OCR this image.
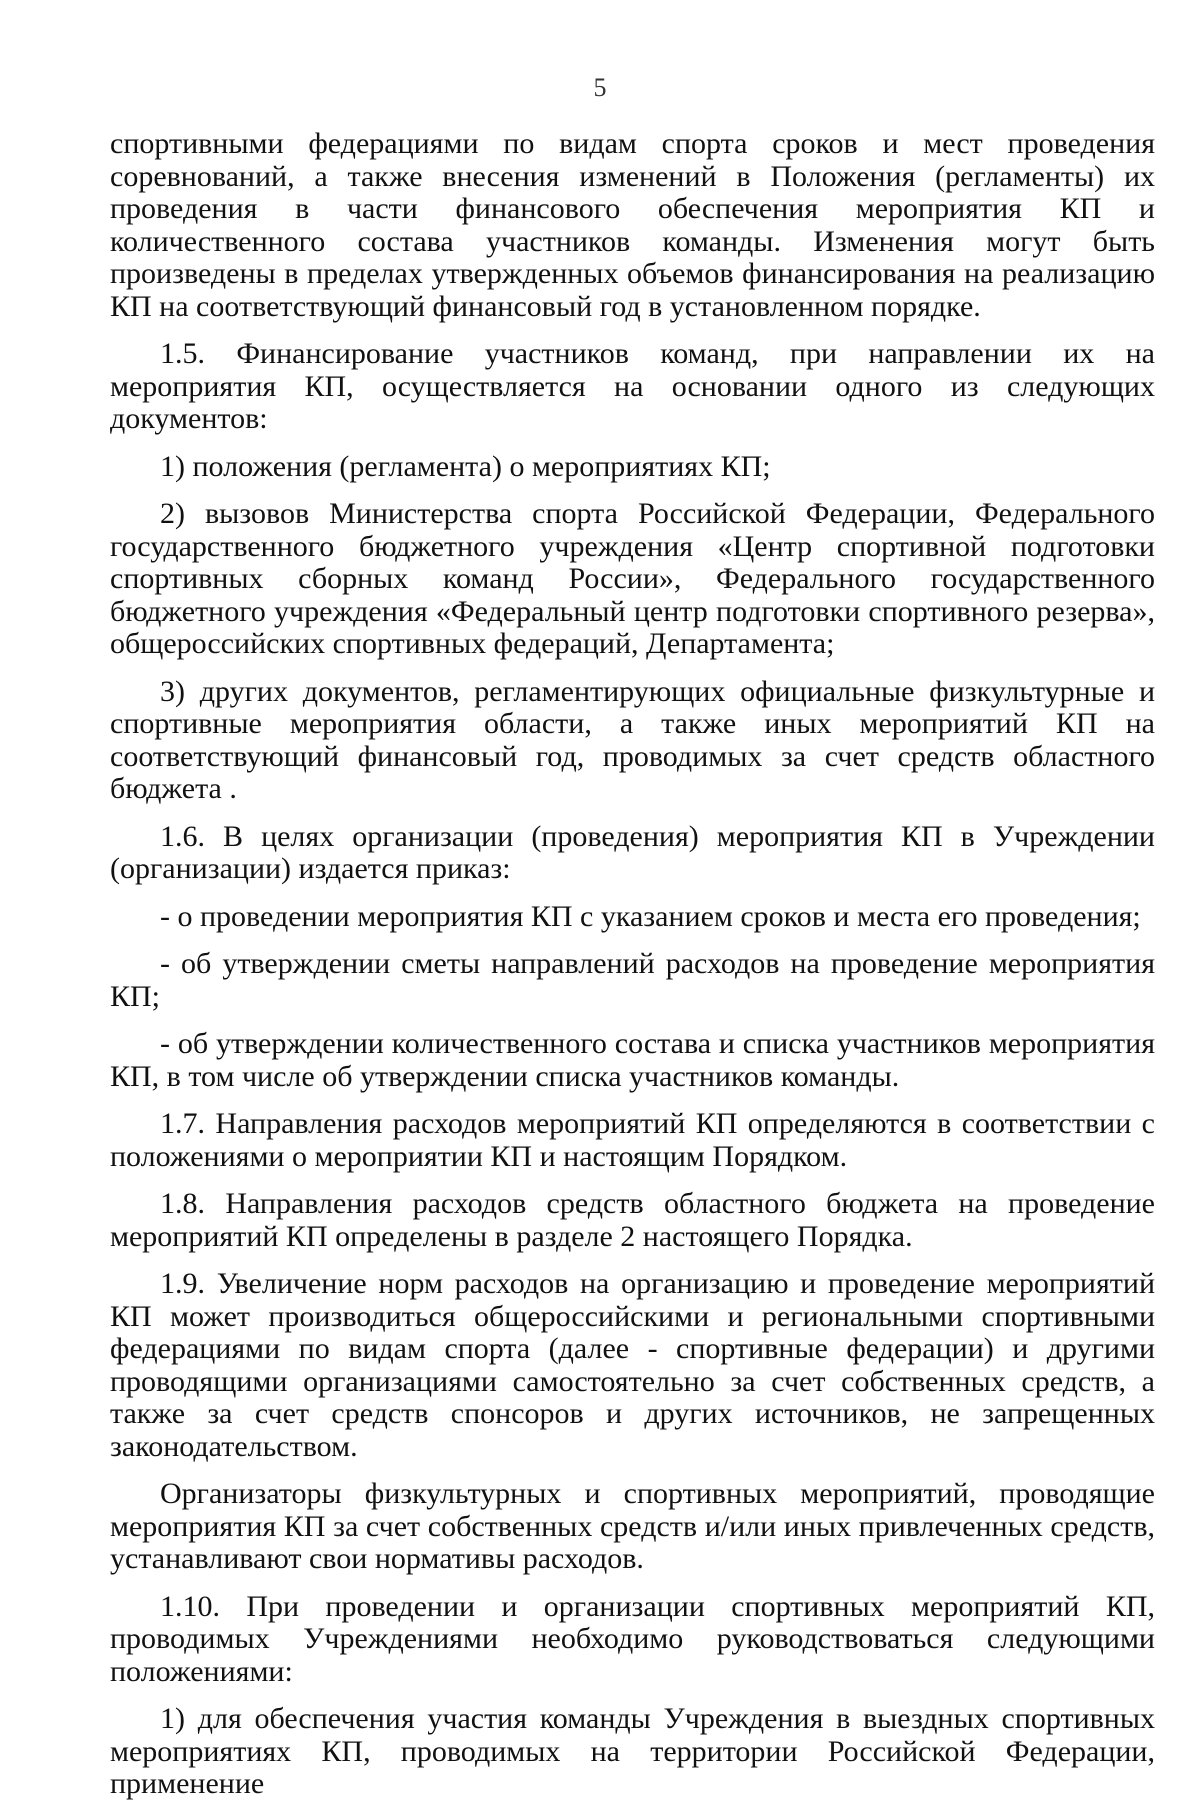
5

спортивными федерациями по видам спорта сроков и мест проведения соревнований, а также внесения изменений в Положения (регламенты) их проведения в части финансового обеспечения мероприятия КП и количественного состава участников команды. Изменения могут быть произведены в пределах утвержденных объемов финансирования на реализацию КП на соответствующий финансовый год в установленном порядке.

1.5. Финансирование участников команд, при направлении их на мероприятия КП, осуществляется на основании одного из следующих документов:

1) положения (регламента) о мероприятиях КП;

2) вызовов Министерства спорта Российской Федерации, Федерального государственного бюджетного учреждения «Центр спортивной подготовки спортивных сборных команд России», Федерального государственного бюджетного учреждения «Федеральный центр подготовки спортивного резерва», общероссийских спортивных федераций, Департамента;

3) других документов, регламентирующих официальные физкультурные и спортивные мероприятия области, а также иных мероприятий КП на соответствующий финансовый год, проводимых за счет средств областного бюджета .

1.6. В целях организации (проведения) мероприятия КП в Учреждении (организации) издается приказ:

- о проведении мероприятия КП с указанием сроков и места его проведения;

- об утверждении сметы направлений расходов на проведение мероприятия КП;

- об утверждении количественного состава и списка участников мероприятия КП, в том числе об утверждении списка участников команды.

1.7. Направления расходов мероприятий КП определяются в соответствии с положениями о мероприятии КП и настоящим Порядком.

1.8. Направления расходов средств областного бюджета на проведение мероприятий КП определены в разделе 2 настоящего Порядка.

1.9. Увеличение норм расходов на организацию и проведение мероприятий КП может производиться общероссийскими и региональными спортивными федерациями по видам спорта (далее - спортивные федерации) и другими проводящими организациями самостоятельно за счет собственных средств, а также за счет средств спонсоров и других источников, не запрещенных законодательством.

Организаторы физкультурных и спортивных мероприятий, проводящие мероприятия КП за счет собственных средств и/или иных привлеченных средств, устанавливают свои нормативы расходов.

1.10. При проведении и организации спортивных мероприятий КП, проводимых Учреждениями необходимо руководствоваться следующими положениями:

1) для обеспечения участия команды Учреждения в выездных спортивных мероприятиях КП, проводимых на территории Российской Федерации, применение
